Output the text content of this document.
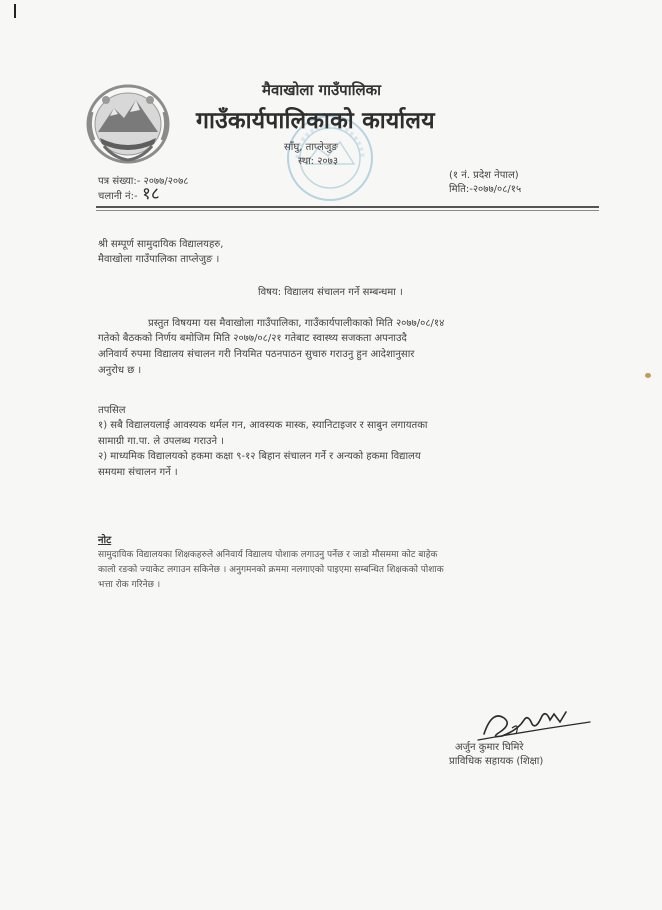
मैवाखोला गाउँपालिका
गाउँकार्यपालिकाको कार्यालय
साँघु, ताप्लेजुङ
स्था: २०७३
पत्र संख्या:- २०७७/२०७८
चलानी नं:- १८
(१ नं. प्रदेश नेपाल)
मिति:-२०७७/०८/१५
श्री सम्पूर्ण सामुदायिक विद्यालयहरु,
मैवाखोला गाउँपालिका ताप्लेजुङ ।
विषय: विद्यालय संचालन गर्ने सम्बन्धमा ।
प्रस्तुत विषयमा यस मैवाखोला गाउँपालिका, गाउँकार्यपालीकाको मिति २०७७/०८/१४
गतेको बैठकको निर्णय बमोजिम मिति २०७७/०८/२१ गतेबाट स्वास्थ्य सजकता अपनाउदै
अनिवार्य रुपमा विद्यालय संचालन गरी नियमित पठनपाठन सुचारु गराउनु हुन आदेशानुसार
अनुरोध छ ।
तपसिल
१) सबै विद्यालयलाई आवस्यक थर्मल गन, आवस्यक मास्क, स्यानिटाइजर र साबुन लगायतका
सामाग्री गा.पा. ले उपलब्ध गराउने ।
२) माध्यमिक विद्यालयको हकमा कक्षा ९-१२ बिहान संचालन गर्ने र अन्यको हकमा विद्यालय
समयमा संचालन गर्ने ।
नोट
सामुदायिक विद्यालयका शिक्षकहरुले अनिवार्य विद्यालय पोशाक लगाउनु पर्नेछ र जाडो मौसममा कोट बाहेक
कालो रङको ज्याकेट लगाउन सकिनेछ । अनुगमनको क्रममा नलगाएको पाइएमा सम्बन्धित शिक्षकको पोशाक
भत्ता रोक गरिनेछ ।
अर्जुन कुमार घिमिरे
प्राविधिक सहायक (शिक्षा)
